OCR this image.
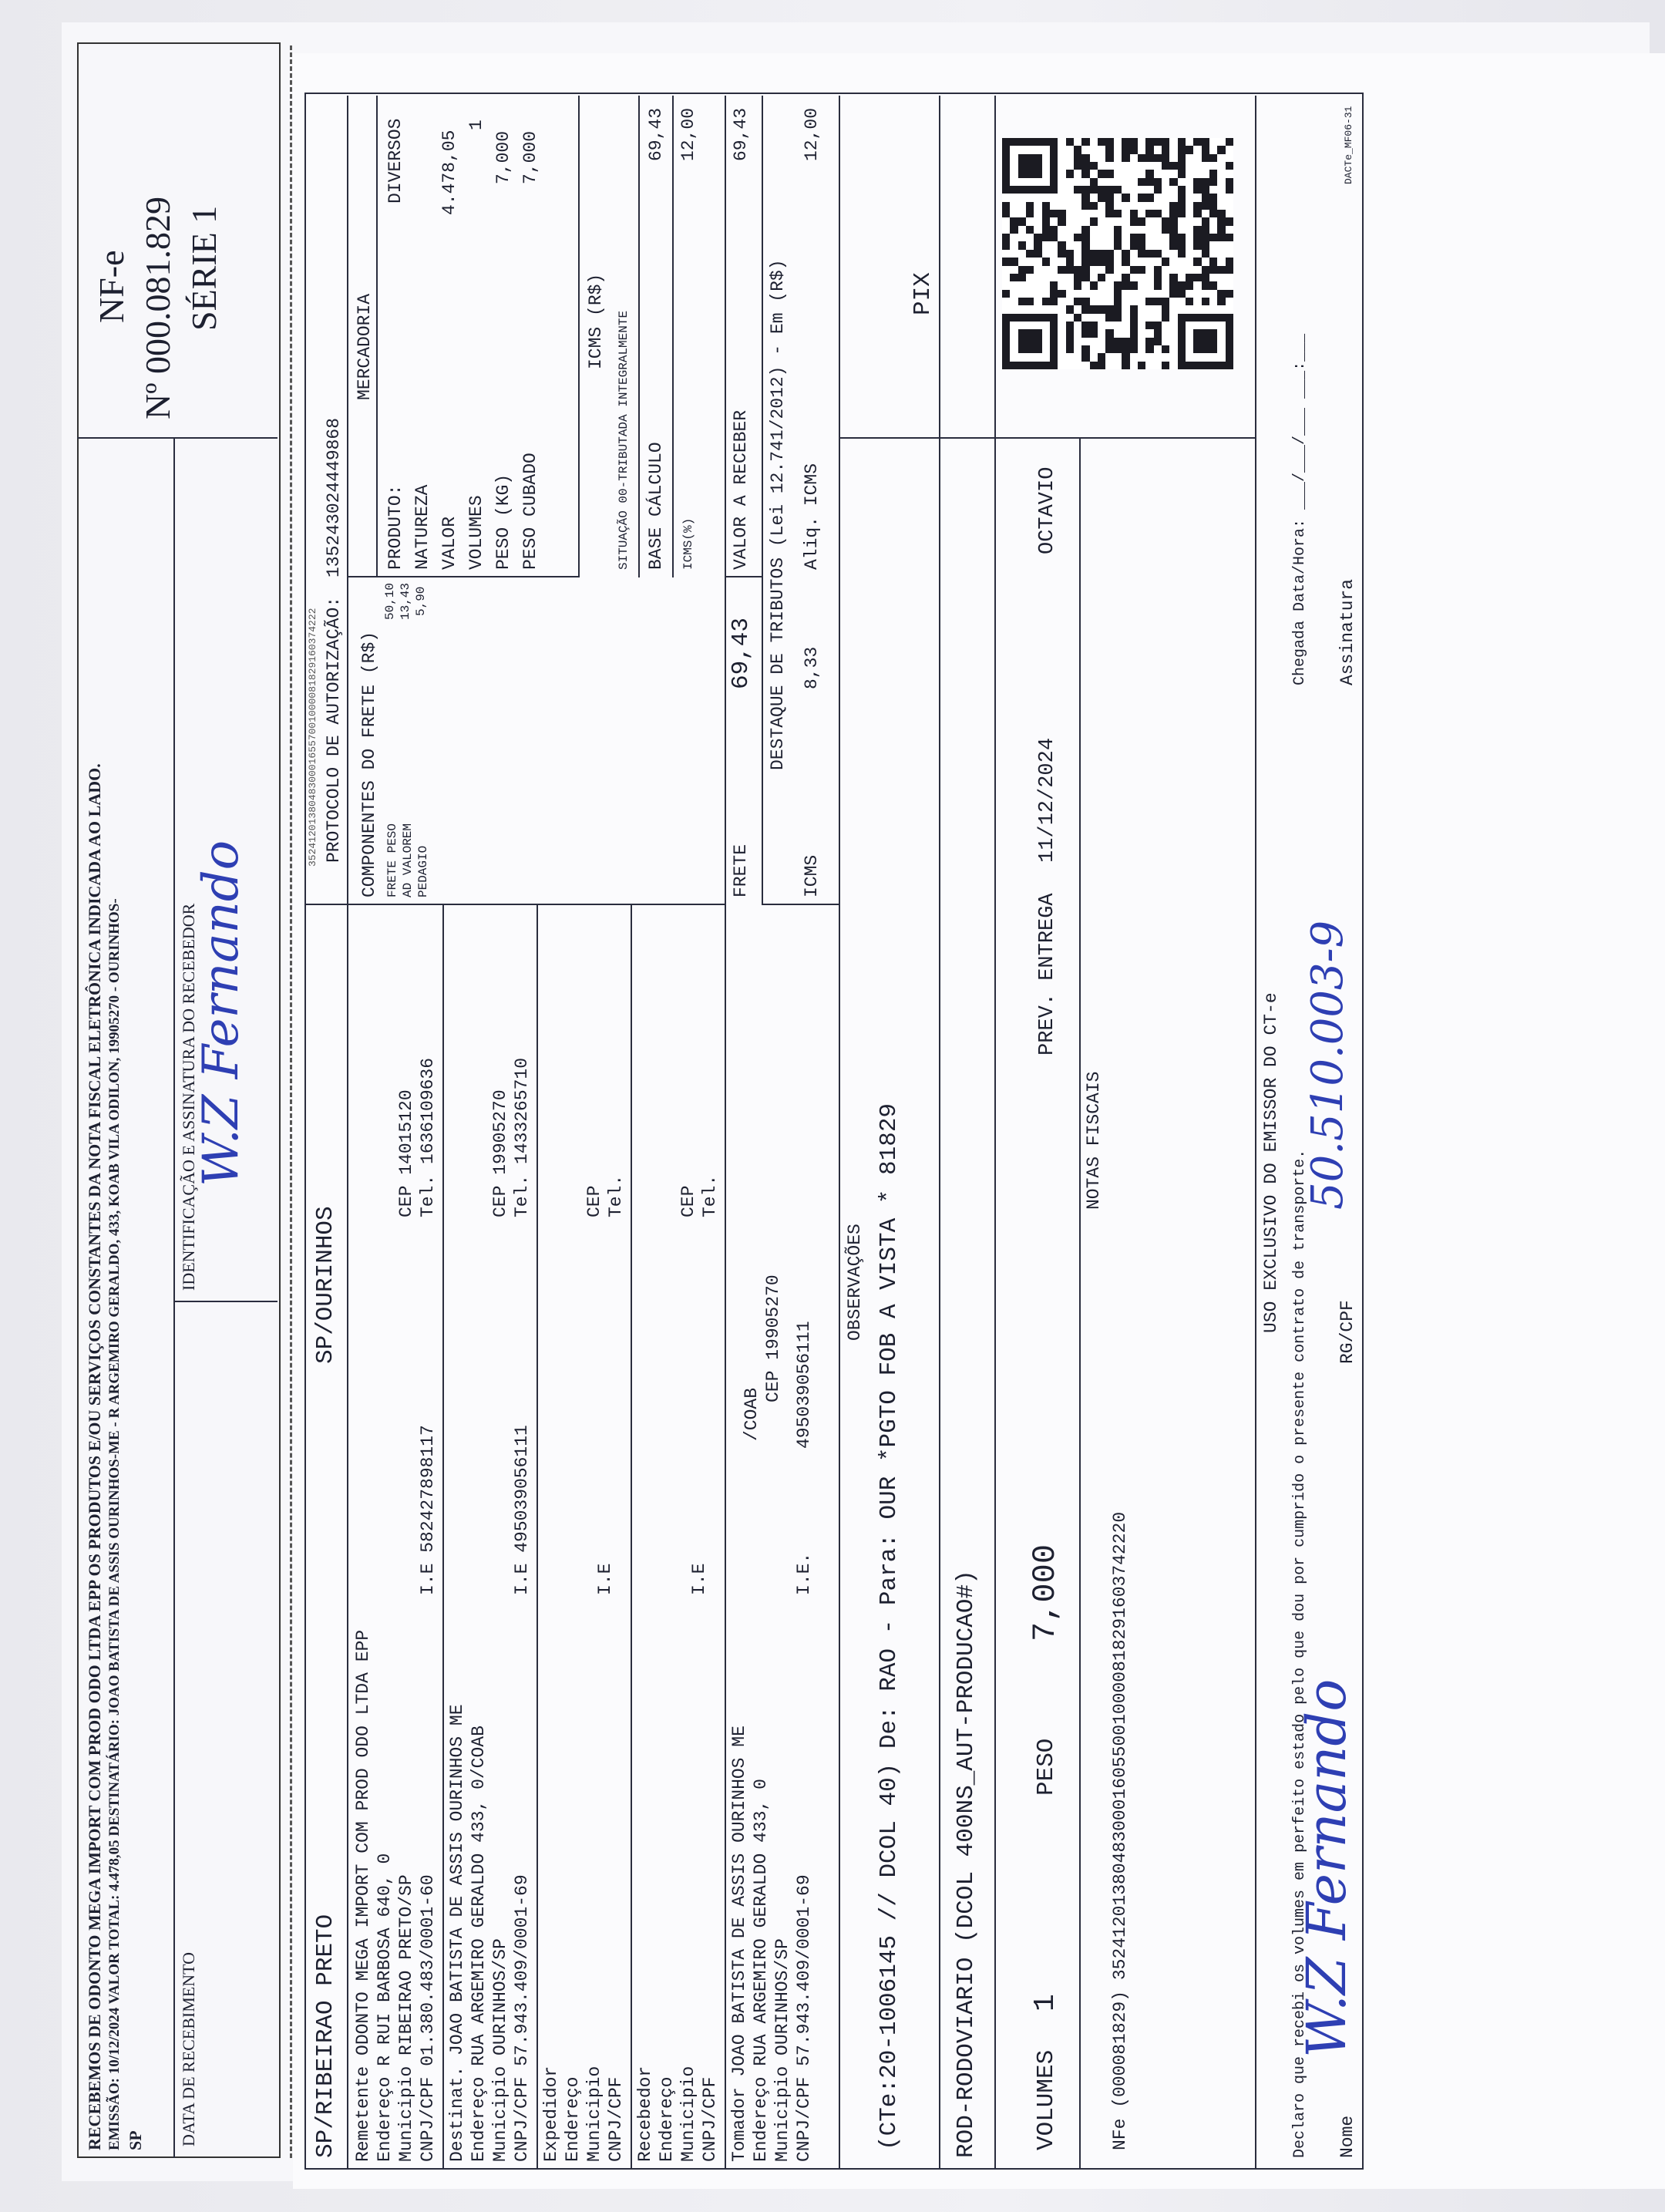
RECEBEMOS DE ODONTO MEGA IMPORT COM PROD ODO LTDA EPP OS PRODUTOS E/OU SERVIÇOS CONSTANTES DA NOTA FISCAL ELETRÔNICA INDICADA AO LADO. EMISSÃO: 10/12/2024 VALOR TOTAL: 4.478,05 DESTINATÁRIO: JOAO BATISTA DE ASSIS OURINHOS-ME - R ARGEMIRO GERALDO, 433, KOAB VILA ODILON, 19905270 - OURINHOS- SP DATA DE RECEBIMENTO
IDENTIFICAÇÃO E ASSINATURA DO RECEBEDOR
NF-e Nº 000.081.829 SÉRIE 1
SP/RIBEIRAO PRETO
SP/OURINHOS
3524120138048300016557001000081829160374222 PROTOCOLO DE AUTORIZAÇÃO:
135243024449868
Remetente ODONTO MEGA IMPORT COM PROD ODO LTDA EPP Endereço R RUI BARBOSA 640, 0 Municipio RIBEIRAO PRETO/SP
CEP 14015120
CNPJ/CPF 01.380.483/0001-60
I.E 582427898117
Tel. 1636109636
Destinat. JOAO BATISTA DE ASSIS OURINHOS ME Endereço RUA ARGEMIRO GERALDO 433, 0/COAB Municipio OURINHOS/SP
CEP 19905270
CNPJ/CPF 57.943.409/0001-69
I.E 495039056111
Tel. 1433265710
Expedidor Endereço Municipio
CEP
CNPJ/CPF
I.E
Tel.
Recebedor Endereço Municipio
CEP
CNPJ/CPF
I.E
Tel.
Tomador JOAO BATISTA DE ASSIS OURINHOS ME Endereço RUA ARGEMIRO GERALDO 433, 0
/COAB
Municipio OURINHOS/SP
CEP 19905270
CNPJ/CPF 57.943.409/0001-69
I.E.
495039056111
COMPONENTES DO FRETE (R$) FRETE PESO
50,10
AD VALOREM
13,43
PEDAGIO
5,90
MERCADORIA
PRODUTO:
DIVERSOS
NATUREZA VALOR
4.478,05
VOLUMES
1
PESO (KG)
7,000
PESO CUBADO
7,000
ICMS (R$) SITUAÇÃO 00-TRIBUTADA INTEGRALMENTE BASE CÁLCULO
69,43
ICMS(%)
12,00
FRETE
69,43
VALOR A RECEBER
69,43
DESTAQUE DE TRIBUTOS (Lei 12.741/2012) - Em (R$)
ICMS
8,33
Aliq. ICMS
12,00
OBSERVAÇÕES (CTe:20-1006145 // DCOL 40) De: RAO - Para: OUR *PGTO FOB A VISTA * 81829 ROD-RODOVIARIO (DCOL 400NS_AUT-PRODUCAO#)
PIX
VOLUMES
1
PESO
7,000
PREV. ENTREGA
11/12/2024
OCTAVIO
NOTAS FISCAIS
NFe (000081829) 35241201380483000160550010000818291603742220
USO EXCLUSIVO DO EMISSOR DO CT-e Declaro que recebi os volumes em perfeito estado pelo que dou por cumprido o presente contrato de transporte.
Chegada Data/Hora: ___/___/___ ___:___
Nome
RG/CPF
Assinatura
DACTe_MF06-31
W.Z Fernando
W.Z Fernando
50.510.003-9
